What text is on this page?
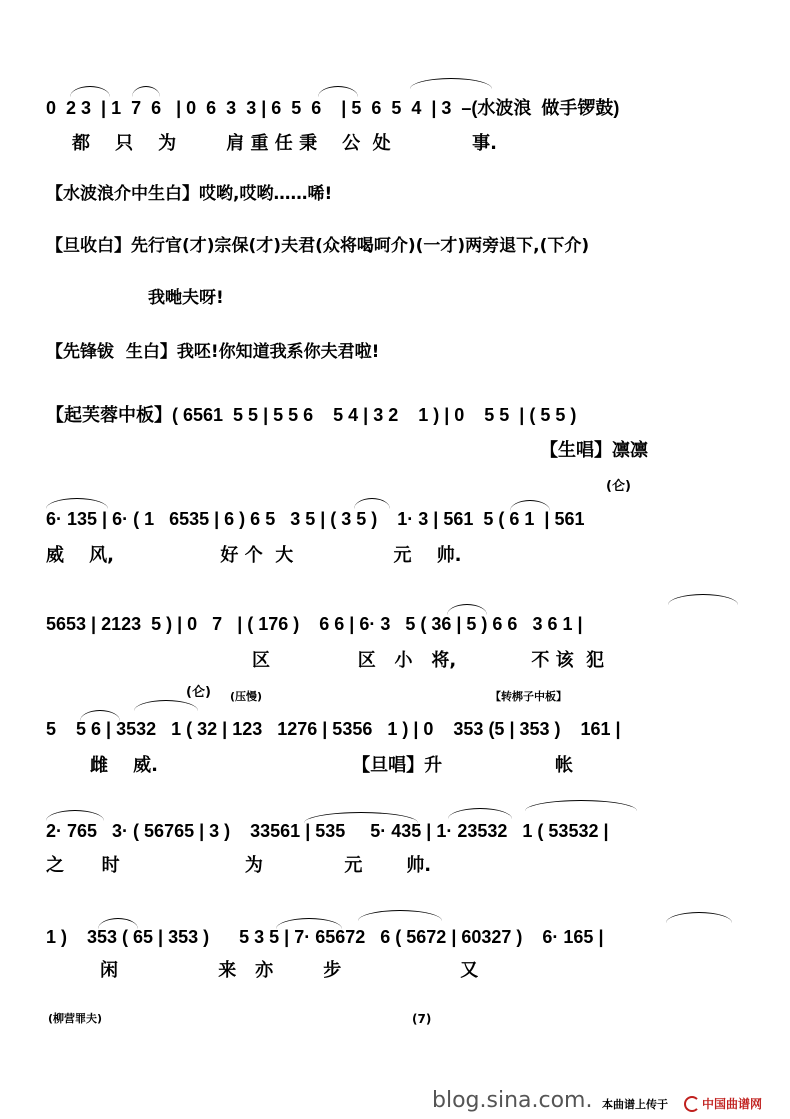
0  2 3  | 1  7  6   | 0  6  3  3 | 6  5  6    | 5  6  5  4  | 3  –(水波浪  做手锣鼓)
都    只    为        肩 重 任 秉    公  处             事.
【水波浪介中生白】哎哟,哎哟……唏!
【旦收白】先行官(才)宗保(才)夫君(众将喝呵介)(一才)两旁退下,(下介)
我哋夫呀!
【先锋钹  生白】我呸!你知道我系你夫君啦!
【起芙蓉中板】( 6561  5 5 | 5 5 6    5 4 | 3 2    1 ) | 0    5 5  | ( 5 5 )
【生唱】凛凛
(仑)
6· 135 | 6· ( 1   6535 | 6 ) 6 5   3 5 | ( 3 5 )    1· 3 | 561  5 ( 6 1  | 561
威    风,                 好 个  大                元    帅.
5653 | 2123  5 ) | 0   7   | ( 176 )    6 6 | 6· 3   5 ( 36 | 5 ) 6 6   3 6 1 |
区              区   小   将,            不 该  犯
(仑) (压慢)	【转梆子中板】
5    5 6 | 3532   1 ( 32 | 123   1276 | 5356   1 ) | 0    353 (5 | 353 )    161 |
雌    威.                               【旦唱】升                  帐
2· 765   3· ( 56765 | 3 )    33561 | 535     5· 435 | 1· 23532   1 ( 53532 |
之      时                    为             元       帅.
1 )    353 ( 65 | 353 )      5 3 5 | 7· 65672   6 ( 5672 | 60327 )    6· 165 |
闲                来   亦        步                   又
(柳营罪夫)	(7)
blog.sina.com. 本曲谱上传于	中国曲谱网
